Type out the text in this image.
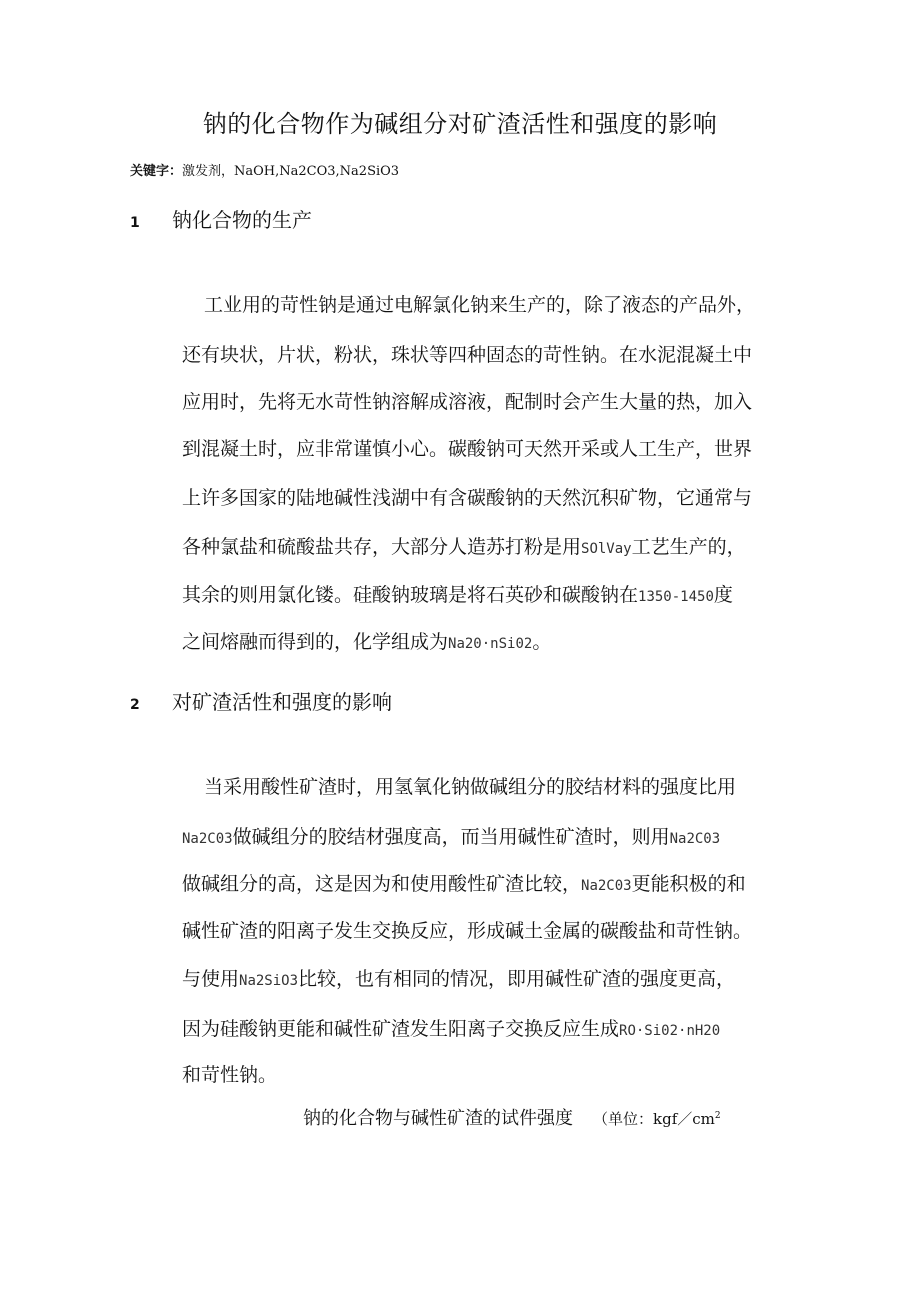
钠的化合物作为碱组分对矿渣活性和强度的影响
关键字：激发剂，NaOH,Na2CO3,Na2SiO3
1 钠化合物的生产
工业用的苛性钠是通过电解氯化钠来生产的，除了液态的产品外，
还有块状，片状，粉状，珠状等四种固态的苛性钠。在水泥混凝土中
应用时，先将无水苛性钠溶解成溶液，配制时会产生大量的热，加入
到混凝土时，应非常谨慎小心。碳酸钠可天然开采或人工生产，世界
上许多国家的陆地碱性浅湖中有含碳酸钠的天然沉积矿物，它通常与
各种氯盐和硫酸盐共存，大部分人造苏打粉是用SOlVay工艺生产的，
其余的则用氯化镂。硅酸钠玻璃是将石英砂和碳酸钠在1350-1450度
之间熔融而得到的，化学组成为Na20·nSi02。
2 对矿渣活性和强度的影响
当采用酸性矿渣时，用氢氧化钠做碱组分的胶结材料的强度比用
Na2C03做碱组分的胶结材强度高，而当用碱性矿渣时，则用Na2C03
做碱组分的高，这是因为和使用酸性矿渣比较，Na2C03更能积极的和
碱性矿渣的阳离子发生交换反应，形成碱土金属的碳酸盐和苛性钠。
与使用Na2SiO3比较，也有相同的情况，即用碱性矿渣的强度更高，
因为硅酸钠更能和碱性矿渣发生阳离子交换反应生成RO·Si02·nH20
和苛性钠。
钠的化合物与碱性矿渣的试件强度 （单位：$kgf/cm^2$
